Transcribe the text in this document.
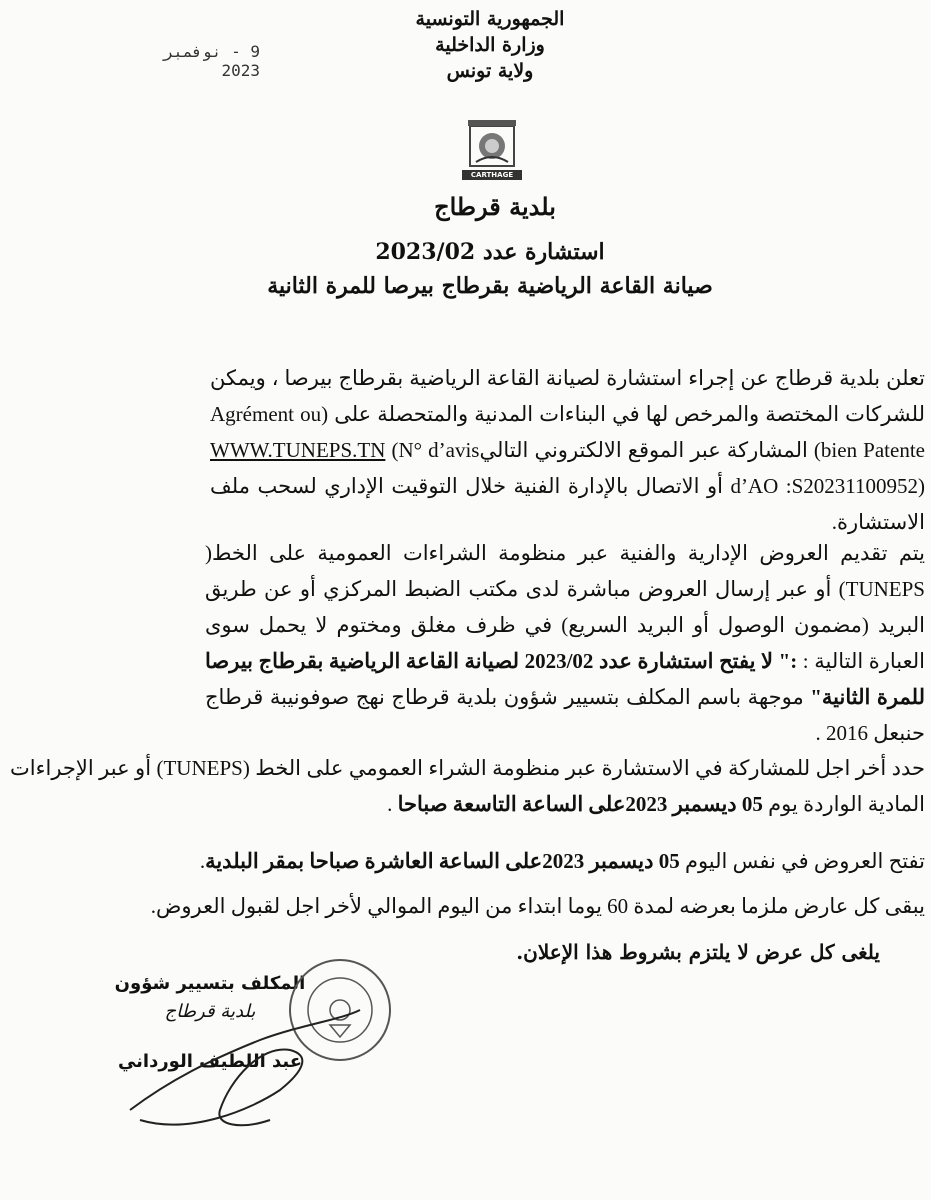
الجمهورية التونسية
وزارة الداخلية
ولاية تونس
9 - نوفمبر 2023
CARTHAGE
بلدية قرطاج
استشارة عدد 2023/02
صيانة القاعة الرياضية بقرطاج بيرصا للمرة الثانية
تعلن بلدية قرطاج عن إجراء استشارة لصيانة القاعة الرياضية بقرطاج بيرصا ، ويمكن للشركات المختصة والمرخص لها في البناءات المدنية والمتحصلة على (Agrément ou bien Patente) المشاركة عبر الموقع الالكتروني التاليWWW.TUNEPS.TN (N° d’avis d’AO :S20231100952) أو الاتصال بالإدارة الفنية خلال التوقيت الإداري لسحب ملف الاستشارة.
يتم تقديم العروض الإدارية والفنية عبر منظومة الشراءات العمومية على الخط( TUNEPS) أو عبر إرسال العروض مباشرة لدى مكتب الضبط المركزي أو عن طريق البريد (مضمون الوصول أو البريد السريع) في ظرف مغلق ومختوم لا يحمل سوى العبارة التالية : :" لا يفتح استشارة عدد 2023/02 لصيانة القاعة الرياضية بقرطاج بيرصا للمرة الثانية" موجهة باسم المكلف بتسيير شؤون بلدية قرطاج نهج صوفونيبة قرطاج حنبعل 2016 .
حدد أخر اجل للمشاركة في الاستشارة عبر منظومة الشراء العمومي على الخط (TUNEPS) أو عبر الإجراءات المادية الواردة يوم 05 ديسمبر 2023على الساعة التاسعة صباحا .
تفتح العروض في نفس اليوم 05 ديسمبر 2023على الساعة العاشرة صباحا بمقر البلدية.
يبقى كل عارض ملزما بعرضه لمدة 60 يوما ابتداء من اليوم الموالي لأخر اجل لقبول العروض.
يلغى كل عرض لا يلتزم بشروط هذا الإعلان.
المكلف بتسيير شؤون
بلدية قرطاج
عبد اللطيف الورداني
